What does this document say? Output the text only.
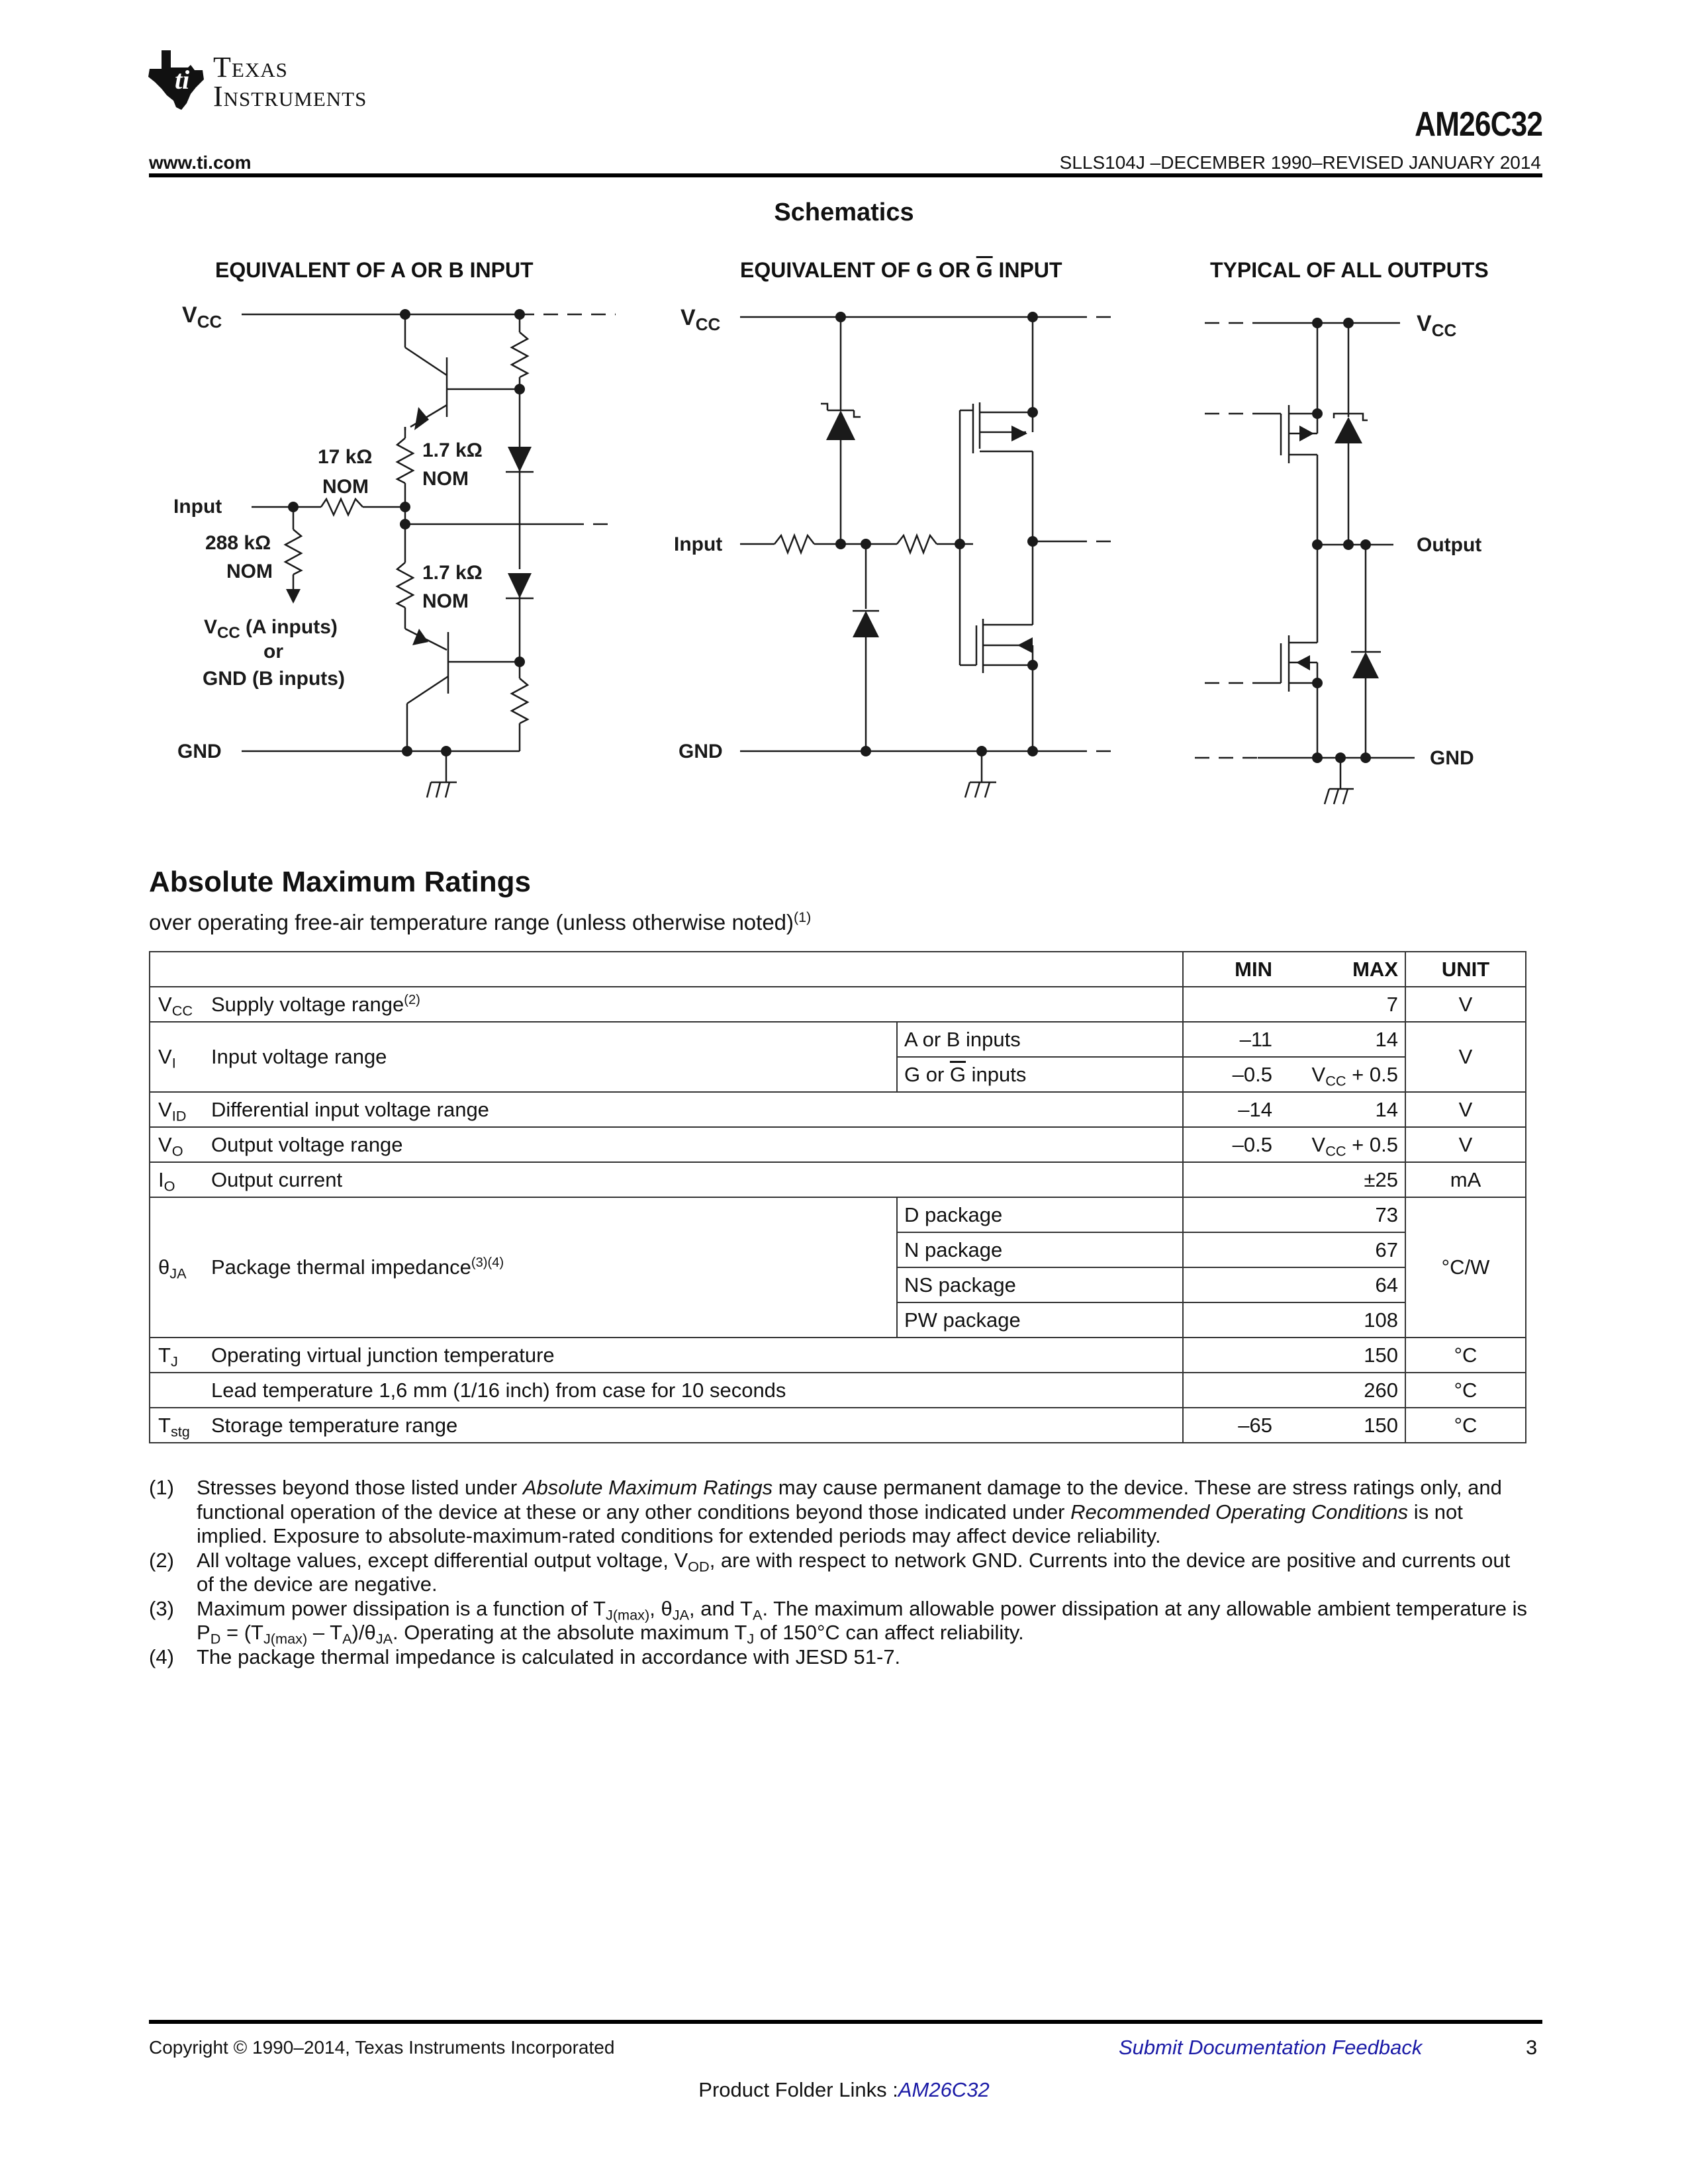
ti Texas
Instruments
AM26C32
www.ti.com	SLLS104J –DECEMBER 1990–REVISED JANUARY 2014
Schematics
EQUIVALENT OF A OR B INPUT	EQUIVALENT OF G OR $\overline{G}$ INPUT	TYPICAL OF ALL OUTPUTS
$V_{CC}$
Input
GND
17 kΩ
NOM
1.7 kΩ
NOM
1.7 kΩ
NOM
288 kΩ
NOM
$V_{CC}$ (A inputs)
or
GND (B inputs)
$V_{CC}$
Input
GND
$V_{CC}$
Output
GND
Absolute Maximum Ratings
over operating free-air temperature range (unless otherwise noted)$^{(1)}$
			MIN	MAX	UNIT
$V_{CC}$	Supply voltage range$^{(2)}$			7	V
$V_I$	Input voltage range	A or B inputs	–11	14	V
		G or $\overline{G}$ inputs	–0.5	$V_{CC} + 0.5$	
$V_{ID}$	Differential input voltage range		–14	14	V
$V_O$	Output voltage range		–0.5	$V_{CC} + 0.5$	V
$I_O$	Output current			±25	mA
$\theta_{JA}$	Package thermal impedance$^{(3)(4)}$	D package		73	°C/W
		N package		67	
		NS package		64	
		PW package		108	
$T_J$	Operating virtual junction temperature			150	°C
	Lead temperature 1,6 mm (1/16 inch) from case for 10 seconds			260	°C
$T_{stg}$	Storage temperature range		–65	150	°C
(1)	Stresses beyond those listed under Absolute Maximum Ratings may cause permanent damage to the device. These are stress ratings only, and functional operation of the device at these or any other conditions beyond those indicated under Recommended Operating Conditions is not implied. Exposure to absolute-maximum-rated conditions for extended periods may affect device reliability.
(2)	All voltage values, except differential output voltage, $V_{OD}$, are with respect to network GND. Currents into the device are positive and currents out of the device are negative.
(3)	Maximum power dissipation is a function of $T_{J(max)}$, $\theta_{JA}$, and $T_A$. The maximum allowable power dissipation at any allowable ambient temperature is $P_D = (T_{J(max)} - T_A)/\theta_{JA}$. Operating at the absolute maximum $T_J$ of 150°C can affect reliability.
(4)	The package thermal impedance is calculated in accordance with JESD 51-7.
Copyright © 1990–2014, Texas Instruments Incorporated	Submit Documentation Feedback	3
Product Folder Links :AM26C32
